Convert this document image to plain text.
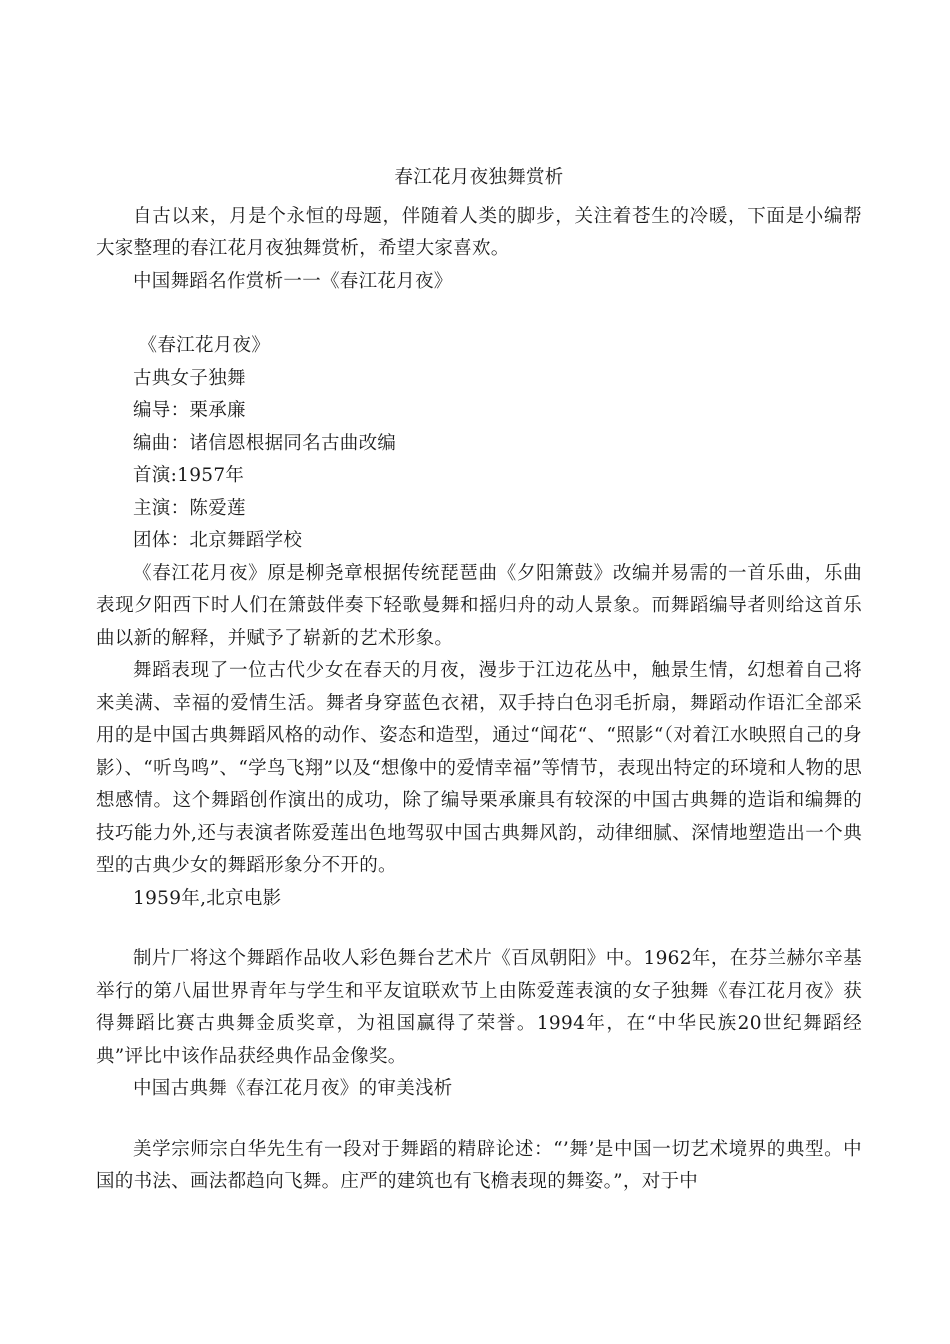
春江花月夜独舞赏析

自古以来，月是个永恒的母题，伴随着人类的脚步，关注着苍生的冷暖，下面是小编帮大家整理的春江花月夜独舞赏析，希望大家喜欢。

中国舞蹈名作赏析一一《春江花月夜》
《春江花月夜》
古典女子独舞
编导：栗承廉
编曲：诸信恩根据同名古曲改编
首演:1957年
主演：陈爱莲
团体：北京舞蹈学校

《春江花月夜》原是柳尧章根据传统琵琶曲《夕阳箫鼓》改编并易需的一首乐曲，乐曲表现夕阳西下时人们在箫鼓伴奏下轻歌曼舞和摇归舟的动人景象。而舞蹈编导者则给这首乐曲以新的解释，并赋予了崭新的艺术形象。

舞蹈表现了一位古代少女在春天的月夜，漫步于江边花丛中，触景生情，幻想着自己将来美满、幸福的爱情生活。舞者身穿蓝色衣裙，双手持白色羽毛折扇，舞蹈动作语汇全部采用的是中国古典舞蹈风格的动作、姿态和造型，通过“闻花“、“照影“（对着江水映照自己的身影）、“听鸟鸣”、“学鸟飞翔”以及“想像中的爱情幸福”等情节，表现出特定的环境和人物的思想感情。这个舞蹈创作演出的成功，除了编导栗承廉具有较深的中国古典舞的造诣和编舞的技巧能力外,还与表演者陈爱莲出色地驾驭中国古典舞风韵，动律细腻、深情地塑造出一个典型的古典少女的舞蹈形象分不开的。

1959年,北京电影

制片厂将这个舞蹈作品收人彩色舞台艺术片《百凤朝阳》中。1962年，在芬兰赫尔辛基举行的第八届世界青年与学生和平友谊联欢节上由陈爱莲表演的女子独舞《春江花月夜》获得舞蹈比赛古典舞金质奖章，为祖国赢得了荣誉。1994年，在“中华民族20世纪舞蹈经典”评比中该作品获经典作品金像奖。

中国古典舞《春江花月夜》的审美浅析

美学宗师宗白华先生有一段对于舞蹈的精辟论述：“’舞’是中国一切艺术境界的典型。中国的书法、画法都趋向飞舞。庄严的建筑也有飞檐表现的舞姿。”，对于中
